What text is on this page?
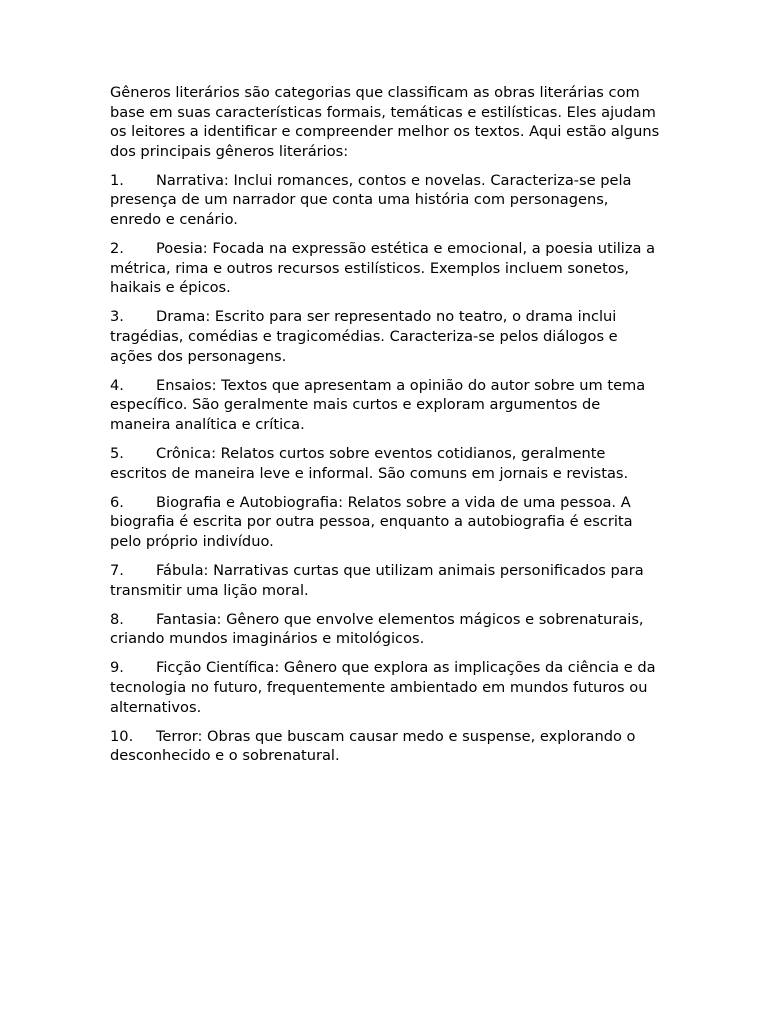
Gêneros literários são categorias que classificam as obras literárias com base em suas características formais, temáticas e estilísticas. Eles ajudam os leitores a identificar e compreender melhor os textos. Aqui estão alguns dos principais gêneros literários:

1. Narrativa: Inclui romances, contos e novelas. Caracteriza-se pela presença de um narrador que conta uma história com personagens, enredo e cenário.
2. Poesia: Focada na expressão estética e emocional, a poesia utiliza a métrica, rima e outros recursos estilísticos. Exemplos incluem sonetos, haikais e épicos.
3. Drama: Escrito para ser representado no teatro, o drama inclui tragédias, comédias e tragicomédias. Caracteriza-se pelos diálogos e ações dos personagens.
4. Ensaios: Textos que apresentam a opinião do autor sobre um tema específico. São geralmente mais curtos e exploram argumentos de maneira analítica e crítica.
5. Crônica: Relatos curtos sobre eventos cotidianos, geralmente escritos de maneira leve e informal. São comuns em jornais e revistas.
6. Biografia e Autobiografia: Relatos sobre a vida de uma pessoa. A biografia é escrita por outra pessoa, enquanto a autobiografia é escrita pelo próprio indivíduo.
7. Fábula: Narrativas curtas que utilizam animais personificados para transmitir uma lição moral.
8. Fantasia: Gênero que envolve elementos mágicos e sobrenaturais, criando mundos imaginários e mitológicos.
9. Ficção Científica: Gênero que explora as implicações da ciência e da tecnologia no futuro, frequentemente ambientado em mundos futuros ou alternativos.
10. Terror: Obras que buscam causar medo e suspense, explorando o desconhecido e o sobrenatural.
